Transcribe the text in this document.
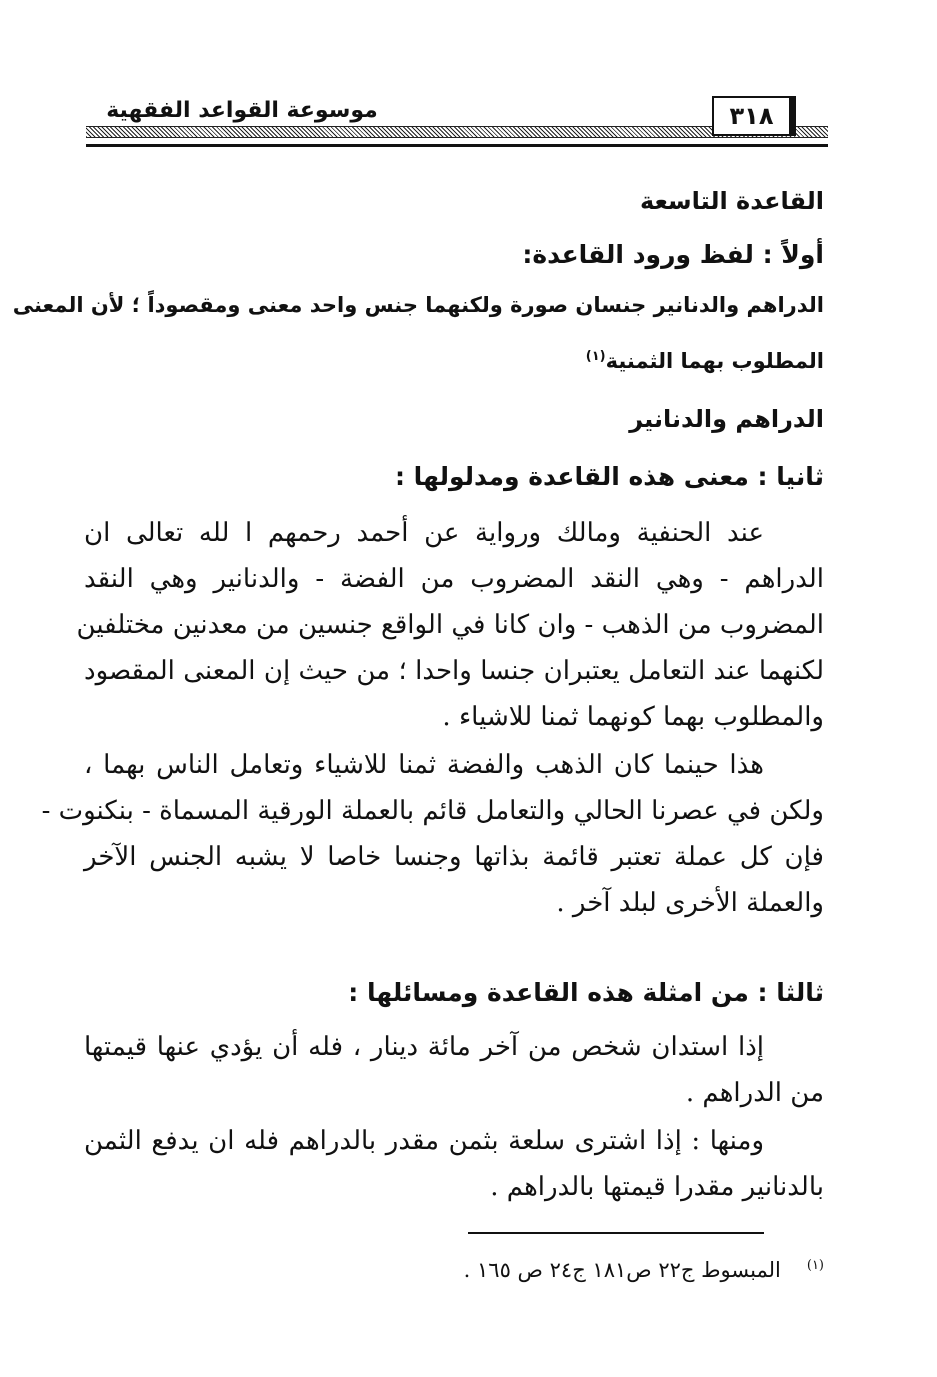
موسوعة القواعد الفقهية	٣١٨
القاعدة التاسعة
أولاً : لفظ ورود القاعدة:
الدراهم والدنانير جنسان صورة ولكنهما جنس واحد معنى ومقصوداً ؛ لأن المعنى
المطلوب بهما الثمنية$^{(١)}$
الدراهم والدنانير
ثانيا : معنى هذه القاعدة ومدلولها :
عند الحنفية ومالك ورواية عن أحمد رحمهم ا لله تعالى ان
الدراهم - وهي النقد المضروب من الفضة - والدنانير وهي النقد
المضروب من الذهب - وان كانا في الواقع جنسين من معدنين مختلفين
لكنهما عند التعامل يعتبران جنسا واحدا ؛ من حيث إن المعنى المقصود
والمطلوب بهما كونهما ثمنا للاشياء .
هذا حينما كان الذهب والفضة ثمنا للاشياء وتعامل الناس بهما ،
ولكن في عصرنا الحالي والتعامل قائم بالعملة الورقية المسماة - بنكنوت -
فإن كل عملة تعتبر قائمة بذاتها وجنسا خاصا لا يشبه الجنس الآخر
والعملة الأخرى لبلد آخر .
ثالثا : من امثلة هذه القاعدة ومسائلها :
إذا استدان شخص من آخر مائة دينار ، فله أن يؤدي عنها قيمتها
من الدراهم .
ومنها : إذا اشترى سلعة بثمن مقدر بالدراهم فله ان يدفع الثمن
بالدنانير مقدرا قيمتها بالدراهم .
$^{(١)}$المبسوط ج٢٢ ص١٨١ ج٢٤ ص ١٦٥ .
